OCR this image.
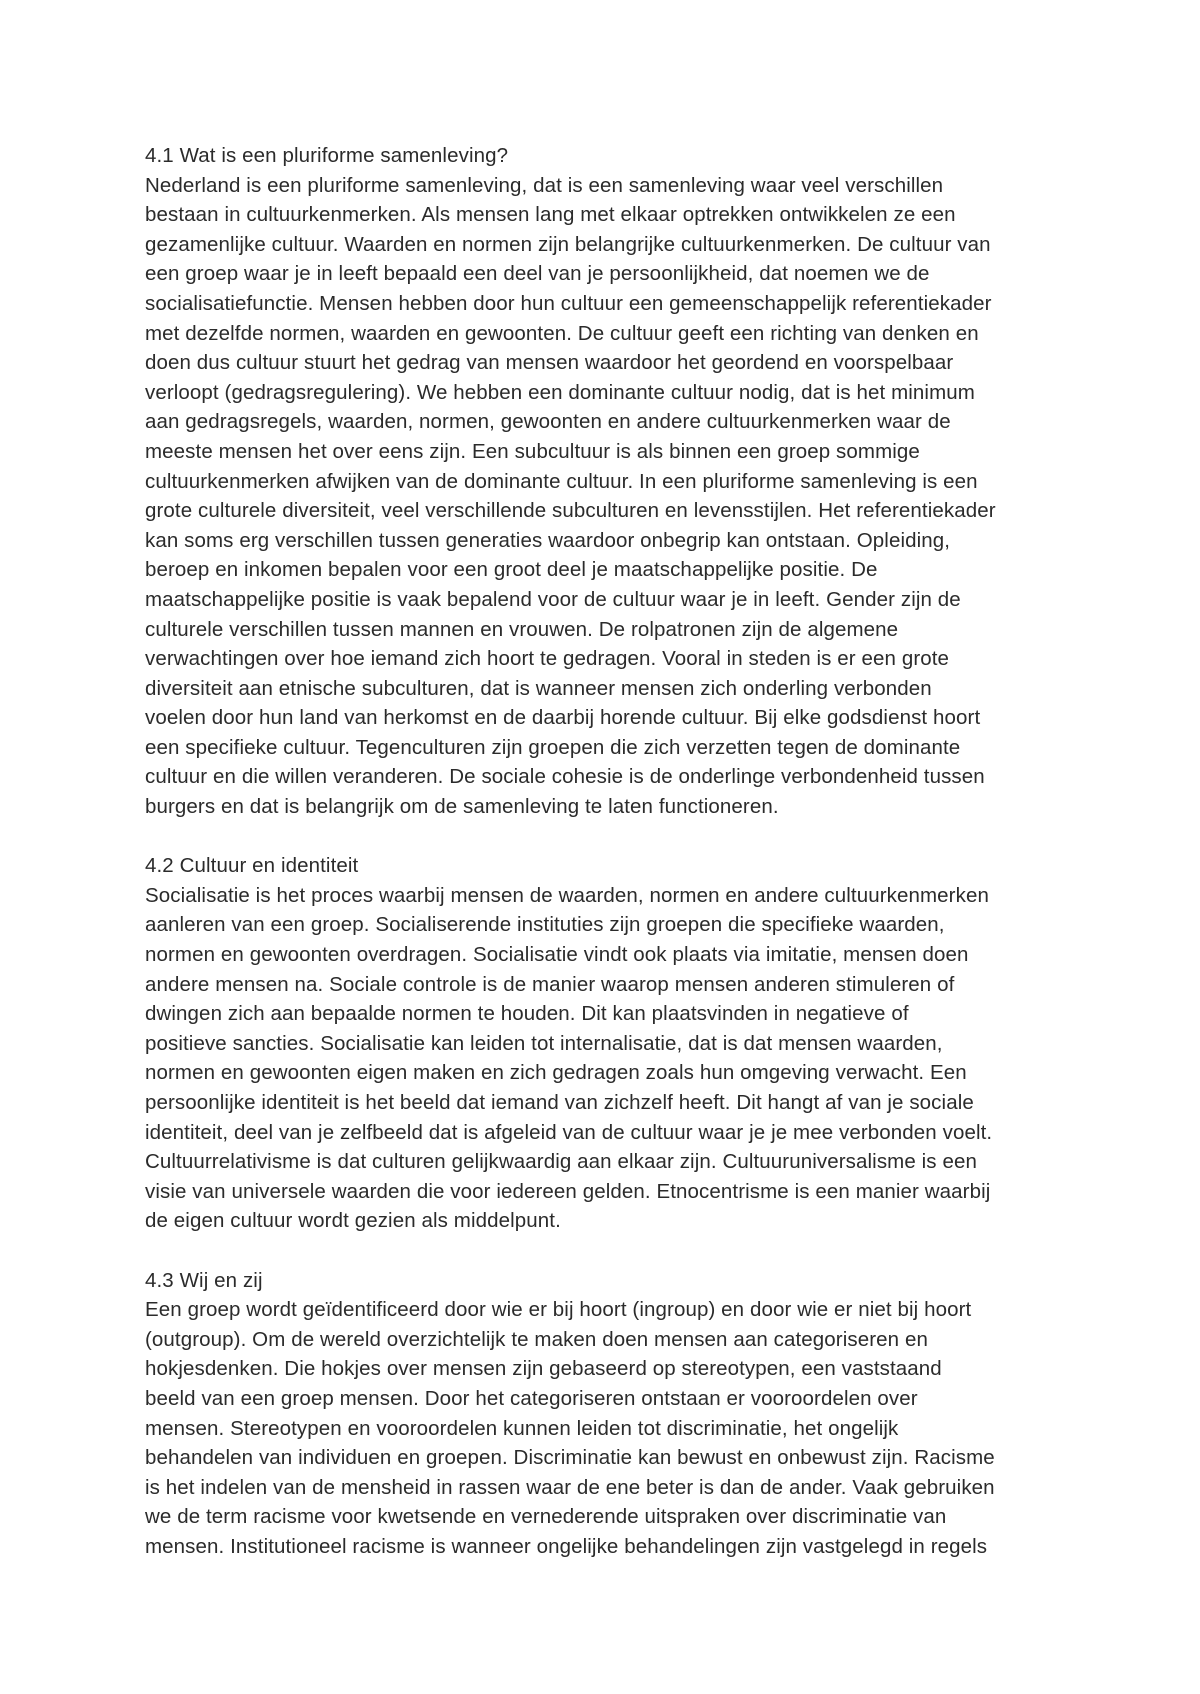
4.1 Wat is een pluriforme samenleving?

Nederland is een pluriforme samenleving, dat is een samenleving waar veel verschillen
bestaan in cultuurkenmerken. Als mensen lang met elkaar optrekken ontwikkelen ze een
gezamenlijke cultuur. Waarden en normen zijn belangrijke cultuurkenmerken. De cultuur van
een groep waar je in leeft bepaald een deel van je persoonlijkheid, dat noemen we de
socialisatiefunctie. Mensen hebben door hun cultuur een gemeenschappelijk referentiekader
met dezelfde normen, waarden en gewoonten. De cultuur geeft een richting van denken en
doen dus cultuur stuurt het gedrag van mensen waardoor het geordend en voorspelbaar
verloopt (gedragsregulering). We hebben een dominante cultuur nodig, dat is het minimum
aan gedragsregels, waarden, normen, gewoonten en andere cultuurkenmerken waar de
meeste mensen het over eens zijn. Een subcultuur is als binnen een groep sommige
cultuurkenmerken afwijken van de dominante cultuur. In een pluriforme samenleving is een
grote culturele diversiteit, veel verschillende subculturen en levensstijlen. Het referentiekader
kan soms erg verschillen tussen generaties waardoor onbegrip kan ontstaan. Opleiding,
beroep en inkomen bepalen voor een groot deel je maatschappelijke positie. De
maatschappelijke positie is vaak bepalend voor de cultuur waar je in leeft. Gender zijn de
culturele verschillen tussen mannen en vrouwen. De rolpatronen zijn de algemene
verwachtingen over hoe iemand zich hoort te gedragen. Vooral in steden is er een grote
diversiteit aan etnische subculturen, dat is wanneer mensen zich onderling verbonden
voelen door hun land van herkomst en de daarbij horende cultuur. Bij elke godsdienst hoort
een specifieke cultuur. Tegenculturen zijn groepen die zich verzetten tegen de dominante
cultuur en die willen veranderen. De sociale cohesie is de onderlinge verbondenheid tussen
burgers en dat is belangrijk om de samenleving te laten functioneren.

4.2 Cultuur en identiteit

Socialisatie is het proces waarbij mensen de waarden, normen en andere cultuurkenmerken
aanleren van een groep. Socialiserende instituties zijn groepen die specifieke waarden,
normen en gewoonten overdragen. Socialisatie vindt ook plaats via imitatie, mensen doen
andere mensen na. Sociale controle is de manier waarop mensen anderen stimuleren of
dwingen zich aan bepaalde normen te houden. Dit kan plaatsvinden in negatieve of
positieve sancties. Socialisatie kan leiden tot internalisatie, dat is dat mensen waarden,
normen en gewoonten eigen maken en zich gedragen zoals hun omgeving verwacht. Een
persoonlijke identiteit is het beeld dat iemand van zichzelf heeft. Dit hangt af van je sociale
identiteit, deel van je zelfbeeld dat is afgeleid van de cultuur waar je je mee verbonden voelt.
Cultuurrelativisme is dat culturen gelijkwaardig aan elkaar zijn. Cultuuruniversalisme is een
visie van universele waarden die voor iedereen gelden. Etnocentrisme is een manier waarbij
de eigen cultuur wordt gezien als middelpunt.

4.3 Wij en zij

Een groep wordt geïdentificeerd door wie er bij hoort (ingroup) en door wie er niet bij hoort
(outgroup). Om de wereld overzichtelijk te maken doen mensen aan categoriseren en
hokjesdenken. Die hokjes over mensen zijn gebaseerd op stereotypen, een vaststaand
beeld van een groep mensen. Door het categoriseren ontstaan er vooroordelen over
mensen. Stereotypen en vooroordelen kunnen leiden tot discriminatie, het ongelijk
behandelen van individuen en groepen. Discriminatie kan bewust en onbewust zijn. Racisme
is het indelen van de mensheid in rassen waar de ene beter is dan de ander. Vaak gebruiken
we de term racisme voor kwetsende en vernederende uitspraken over discriminatie van
mensen. Institutioneel racisme is wanneer ongelijke behandelingen zijn vastgelegd in regels
